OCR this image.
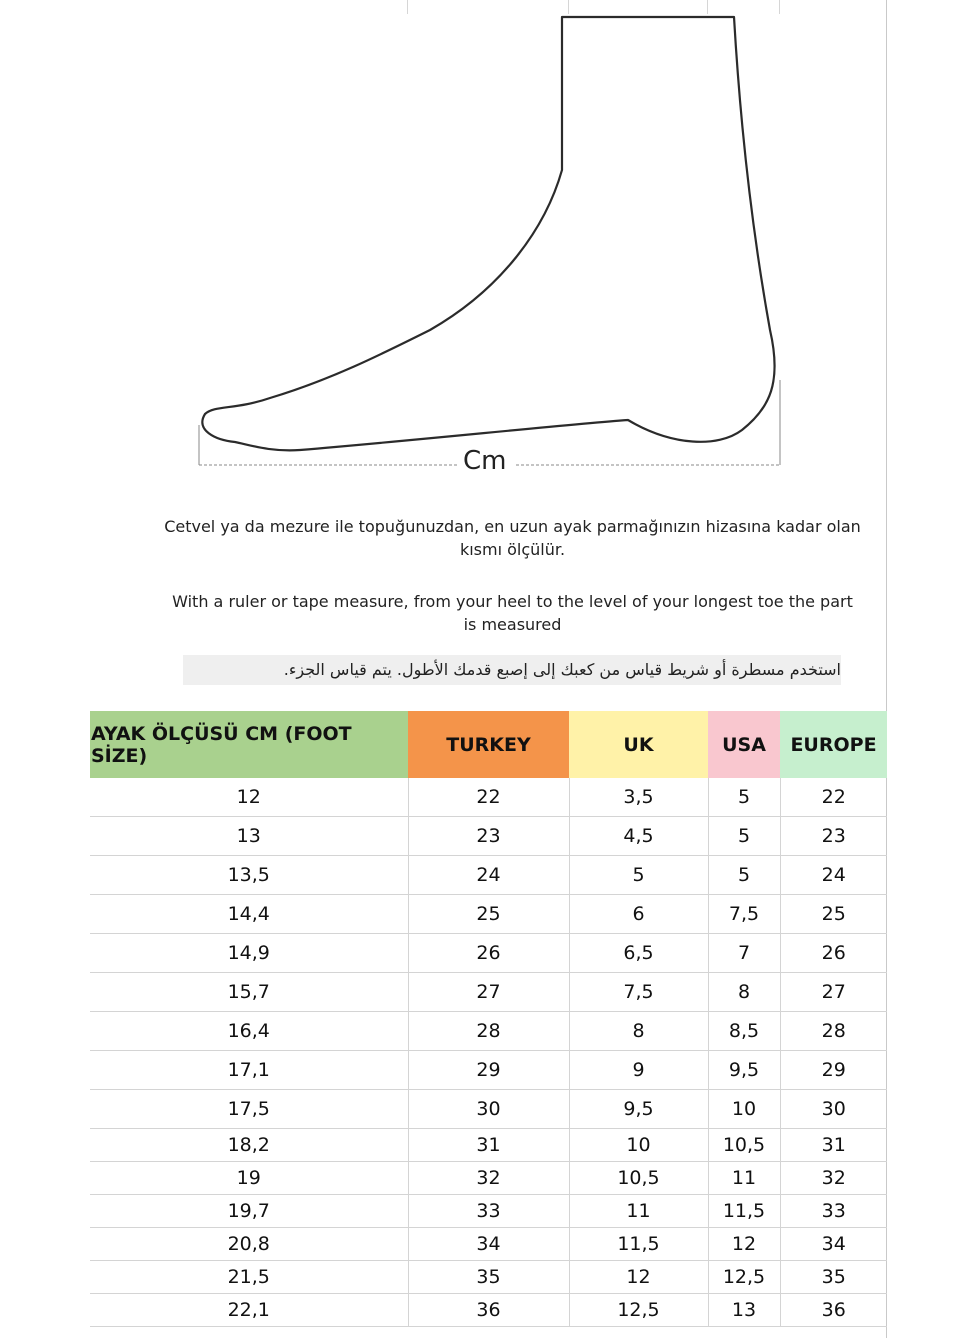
Cm
Cetvel ya da mezure ile topuğunuzdan, en uzun ayak parmağınızın hizasına kadar olan kısmı ölçülür.
With a ruler or tape measure, from your heel to the level of your longest toe the part is measured
استخدم مسطرة أو شريط قياس من كعبك إلى إصبع قدمك الأطول. يتم قياس الجزء.
AYAK ÖLÇÜSÜ CM (FOOT SİZE)	TURKEY	UK	USA	EUROPE
12	22	3,5	5	22
13	23	4,5	5	23
13,5	24	5	5	24
14,4	25	6	7,5	25
14,9	26	6,5	7	26
15,7	27	7,5	8	27
16,4	28	8	8,5	28
17,1	29	9	9,5	29
17,5	30	9,5	10	30
18,2	31	10	10,5	31
19	32	10,5	11	32
19,7	33	11	11,5	33
20,8	34	11,5	12	34
21,5	35	12	12,5	35
22,1	36	12,5	13	36
